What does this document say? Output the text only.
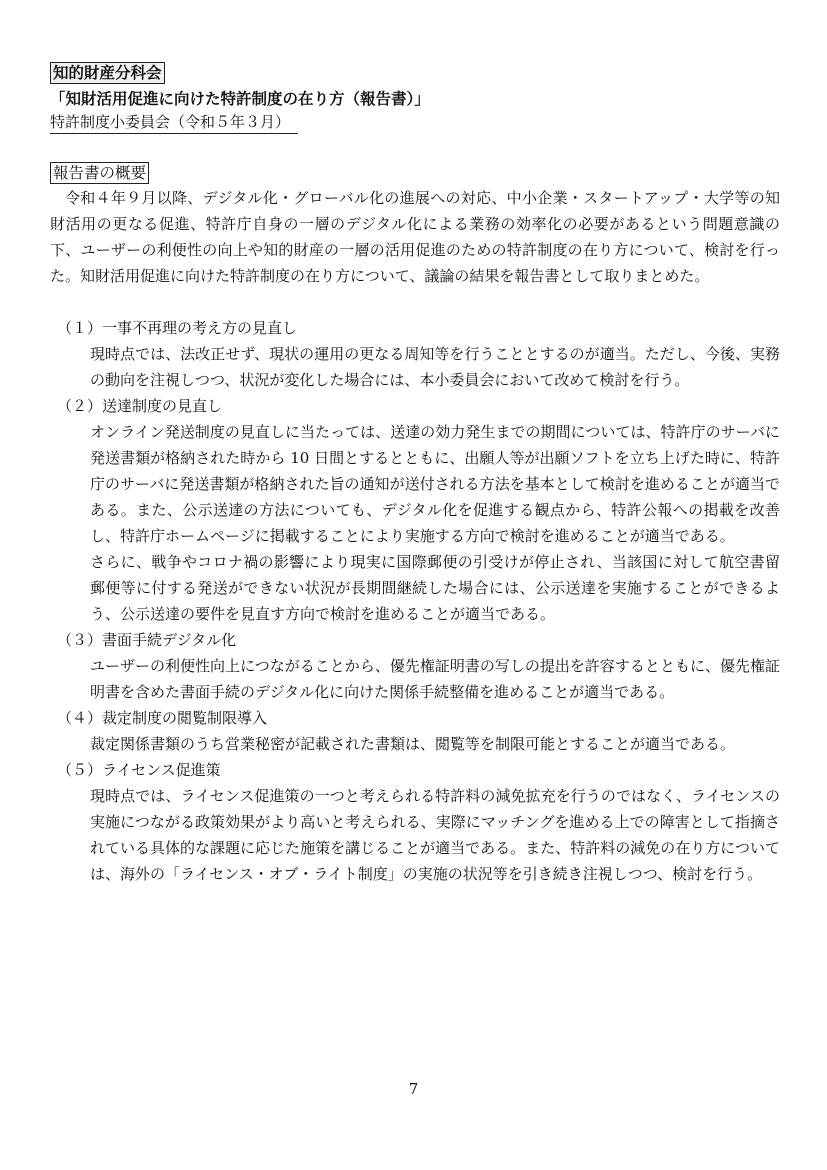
知的財産分科会
「知財活用促進に向けた特許制度の在り方（報告書）」
特許制度小委員会（令和５年３月）
報告書の概要

令和４年９月以降、デジタル化・グローバル化の進展への対応、中小企業・スタートアップ・大学等の知財活用の更なる促進、特許庁自身の一層のデジタル化による業務の効率化の必要があるという問題意識の下、ユーザーの利便性の向上や知的財産の一層の活用促進のための特許制度の在り方について、検討を行った。知財活用促進に向けた特許制度の在り方について、議論の結果を報告書として取りまとめた。

（１）一事不再理の考え方の見直し

現時点では、法改正せず、現状の運用の更なる周知等を行うこととするのが適当。ただし、今後、実務の動向を注視しつつ、状況が変化した場合には、本小委員会において改めて検討を行う。

（２）送達制度の見直し

オンライン発送制度の見直しに当たっては、送達の効力発生までの期間については、特許庁のサーバに発送書類が格納された時から 10 日間とするとともに、出願人等が出願ソフトを立ち上げた時に、特許庁のサーバに発送書類が格納された旨の通知が送付される方法を基本として検討を進めることが適当である。また、公示送達の方法についても、デジタル化を促進する観点から、特許公報への掲載を改善し、特許庁ホームページに掲載することにより実施する方向で検討を進めることが適当である。

さらに、戦争やコロナ禍の影響により現実に国際郵便の引受けが停止され、当該国に対して航空書留郵便等に付する発送ができない状況が長期間継続した場合には、公示送達を実施することができるよう、公示送達の要件を見直す方向で検討を進めることが適当である。

（３）書面手続デジタル化

ユーザーの利便性向上につながることから、優先権証明書の写しの提出を許容するとともに、優先権証明書を含めた書面手続のデジタル化に向けた関係手続整備を進めることが適当である。

（４）裁定制度の閲覧制限導入

裁定関係書類のうち営業秘密が記載された書類は、閲覧等を制限可能とすることが適当である。

（５）ライセンス促進策

現時点では、ライセンス促進策の一つと考えられる特許料の減免拡充を行うのではなく、ライセンスの実施につながる政策効果がより高いと考えられる、実際にマッチングを進める上での障害として指摘されている具体的な課題に応じた施策を講じることが適当である。また、特許料の減免の在り方については、海外の「ライセンス・オブ・ライト制度」の実施の状況等を引き続き注視しつつ、検討を行う。

7
